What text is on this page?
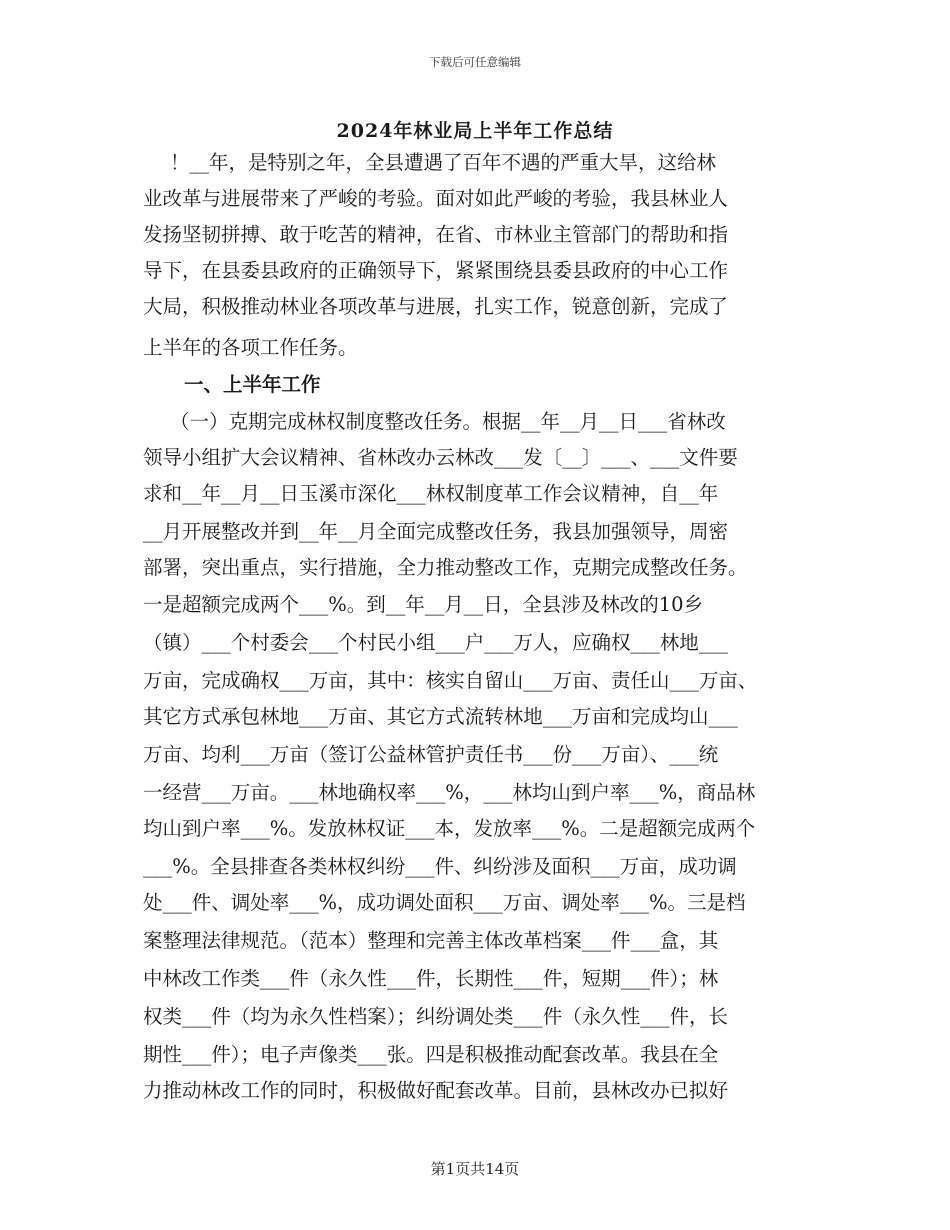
下载后可任意编辑
2024年林业局上半年工作总结
！__年，是特别之年，全县遭遇了百年不遇的严重大旱，这给林
业改革与进展带来了严峻的考验。面对如此严峻的考验，我县林业人
发扬坚韧拼搏、敢于吃苦的精神，在省、市林业主管部门的帮助和指
导下，在县委县政府的正确领导下，紧紧围绕县委县政府的中心工作
大局，积极推动林业各项改革与进展，扎实工作，锐意创新，完成了
上半年的各项工作任务。
一、上半年工作
（一）克期完成林权制度整改任务。根据__年__月__日___省林改
领导小组扩大会议精神、省林改办云林改___发〔__〕___、___文件要
求和__年__月__日玉溪市深化___林权制度革工作会议精神，自__年
__月开展整改并到__年__月全面完成整改任务，我县加强领导，周密
部署，突出重点，实行措施，全力推动整改工作，克期完成整改任务。
一是超额完成两个___%。到__年__月__日，全县涉及林改的10乡
（镇）___个村委会___个村民小组___户___万人，应确权___林地___
万亩，完成确权___万亩，其中：核实自留山___万亩、责任山___万亩、
其它方式承包林地___万亩、其它方式流转林地___万亩和完成均山___
万亩、均利___万亩（签订公益林管护责任书___份___万亩）、___统
一经营___万亩。___林地确权率___%，___林均山到户率___%，商品林
均山到户率___%。发放林权证___本，发放率___%。二是超额完成两个
___%。全县排查各类林权纠纷___件、纠纷涉及面积___万亩，成功调
处___件、调处率___%，成功调处面积___万亩、调处率___%。三是档
案整理法律规范。（范本）整理和完善主体改革档案___件___盒，其
中林改工作类___件（永久性___件，长期性___件，短期___件）；林
权类___件（均为永久性档案）；纠纷调处类___件（永久性___件，长
期性___件）；电子声像类___张。四是积极推动配套改革。我县在全
力推动林改工作的同时，积极做好配套改革。目前，县林改办已拟好
第1页共14页
